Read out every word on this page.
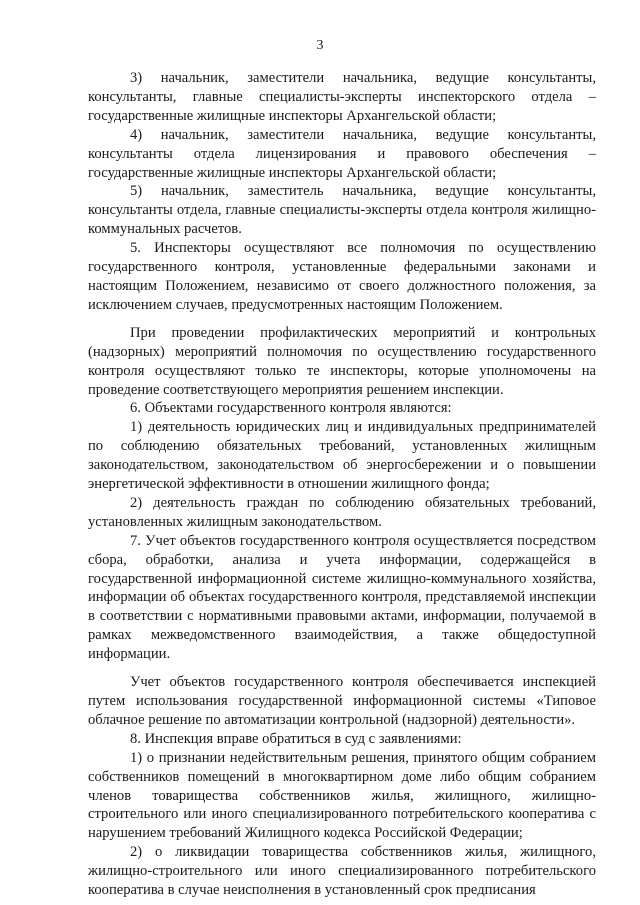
3

3) начальник, заместители начальника, ведущие консультанты, консультанты, главные специалисты-эксперты инспекторского отдела – государственные жилищные инспекторы Архангельской области;

4) начальник, заместители начальника, ведущие консультанты, консультанты отдела лицензирования и правового обеспечения – государственные жилищные инспекторы Архангельской области;

5) начальник, заместитель начальника, ведущие консультанты, консультанты отдела, главные специалисты-эксперты отдела контроля жилищно-коммунальных расчетов.

5. Инспекторы осуществляют все полномочия по осуществлению государственного контроля, установленные федеральными законами и настоящим Положением, независимо от своего должностного положения, за исключением случаев, предусмотренных настоящим Положением.

При проведении профилактических мероприятий и контрольных (надзорных) мероприятий полномочия по осуществлению государственного контроля осуществляют только те инспекторы, которые уполномочены на проведение соответствующего мероприятия решением инспекции.

6. Объектами государственного контроля являются:

1) деятельность юридических лиц и индивидуальных предпринимателей по соблюдению обязательных требований, установленных жилищным законодательством, законодательством об энергосбережении и о повышении энергетической эффективности в отношении жилищного фонда;

2) деятельность граждан по соблюдению обязательных требований, установленных жилищным законодательством.

7. Учет объектов государственного контроля осуществляется посредством сбора, обработки, анализа и учета информации, содержащейся в государственной информационной системе жилищно-коммунального хозяйства, информации об объектах государственного контроля, представляемой инспекции в соответствии с нормативными правовыми актами, информации, получаемой в рамках межведомственного взаимодействия, а также общедоступной информации.

Учет объектов государственного контроля обеспечивается инспекцией путем использования государственной информационной системы «Типовое облачное решение по автоматизации контрольной (надзорной) деятельности».

8. Инспекция вправе обратиться в суд с заявлениями:

1) о признании недействительным решения, принятого общим собранием собственников помещений в многоквартирном доме либо общим собранием членов товарищества собственников жилья, жилищного, жилищно-строительного или иного специализированного потребительского кооператива с нарушением требований Жилищного кодекса Российской Федерации;

2) о ликвидации товарищества собственников жилья, жилищного, жилищно-строительного или иного специализированного потребительского кооператива в случае неисполнения в установленный срок предписания
